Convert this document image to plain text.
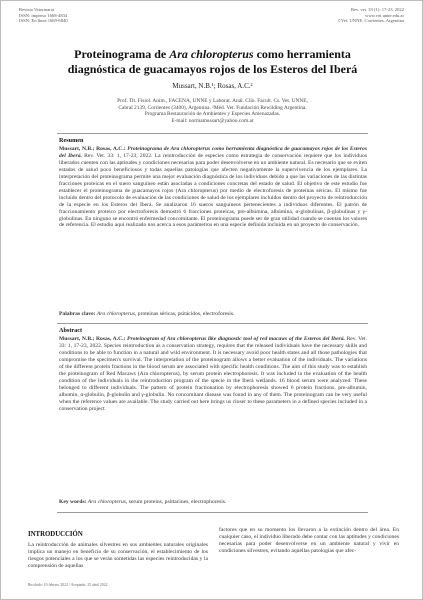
Revista Veterinaria
ISSN: impreso 1668-4834
ISSN: En línea 1669-6840
Rev. vet. 33 (1): 17-23, 2022
www.vet.unne.edu.ar
©Vet. UNNE, Corrientes, Argentina
Proteinograma de Ara chloropterus como herramienta
diagnóstica de guacamayos rojos de los Esteros del Iberá
Mussart, N.B.¹; Rosas, A.C.²
Prof. Tit. Fisiol. Anim., FACENA, UNNE y Laborat. Anál. Clín. Facult. Cs. Vet. UNNE,
Cabral 2139, Corrientes (3400), Argentina. ²Méd. Vet. Fundación Rewilding Argentina.
Programa Restauración de Ambientes y Especies Amenazadas.
E-mail: normamussart@yahoo.com.ar
Resumen
Mussart, N.B.; Rosas, A.C.: Proteinograma de Ara chloropterus como herramienta diagnóstica de guacamayos rojos de los Esteros del Iberá. Rev. Vet. 33: 1, 17-23, 2022. La reintroducción de especies como estrategia de conservación requiere que los individuos liberados cuenten con las aptitudes y condiciones necesarias para poder desenvolverse en un ambiente natural. Es necesario que se eviten estados de salud poco beneficiosos y todas aquellas patologías que afecten negativamente la supervivencia de los ejemplares. La interpretación del proteinograma permite una mejor evaluación diagnóstica de los individuos debido a que las variaciones de las distintas fracciones proteicas en el suero sanguíneo están asociadas a condiciones concretas del estado de salud. El objetivo de este estudio fue establecer el proteinograma de guacamayos rojos (Ara chloropterus) por medio de electroforesis de proteínas séricas. El mismo fue incluido dentro del protocolo de evaluación de las condiciones de salud de los ejemplares incluidos dentro del proyecto de reintroducción de la especie en los Esteros del Iberá. Se analizaron 16 sueros sanguíneos pertenecientes a individuos diferentes. El patrón de fraccionamiento proteico por electroforesis demostró 6 fracciones proteicas, pre-albúmina, albúmina, α-globulinas, β-globulinas y γ-globulinas. En ninguno se encontró enfermedad concomitante. El proteinograma puede ser de gran utilidad cuando se cuentan los valores de referencia. El estudio aquí realizado nos acerca a esos parámetros en una especie definida incluida en un proyecto de conservación.
Palabras clave: Ara chloropterus, proteínas séricas, psitácidos, electroforesis.
Abstract
Mussart, N.B.; Rosas, A.C.: Proteinogram of Ara chloropterus like diagnostic tool of red macaws of the Esteros del Iberá. Rev. Vet. 33: 1, 17-23, 2022. Species reintroduction as a conservation strategy, requires that the released individuals have the necessary skills and conditions to be able to function in a natural and wild environment. It is necessary avoid poor health states and all those pathologies that compromise the specimen's survival. The interpretation of the proteinogram allows a better evaluation of the individuals. The variations of the different protein fractions in the blood serum are associated with specific health conditions. The aim of this study was to establish the proteinogram of Red Macaws (Ara chloropterus), by serum protein electrophoresis. It was included in the evaluation of the health condition of the individuals in the reintroduction program of the specie in the Iberá wetlands. 16 blood serum were analyzed. These belonged to different individuals. The pattern of protein fractionation by electrophoresis showed 6 protein fractions, pre-albumin, albumin, α-globulin, β-globulin and γ-globulin. No concomitant disease was found in any of them. The proteinogram can be very useful when the reference values are available. The study carried out here brings us closer to these parameters in a defined species included in a conservation project.
Key words: Ara chloropterus, serum proteins, psittacines, electrophoresis.
INTRODUCCIÓN
La reintroducción de animales silvestres en sus ambientes naturales originales implica un manejo en beneficio de su conservación, el establecimiento de los riesgos potenciales a los que se verán sometidas las especies reintroducidas y la comprensión de aquellas
factores que en su momento los llevaron a la extinción dentro del área. En cualquier caso, el individuo liberado debe contar con las aptitudes y condiciones necesarias para poder desenvolverse en un ambiente natural y vivir en condiciones silvestres, evitando aquellas patologías que afec-
Recibido: 10 febrero 2022 / Aceptado: 25 abril 2022
